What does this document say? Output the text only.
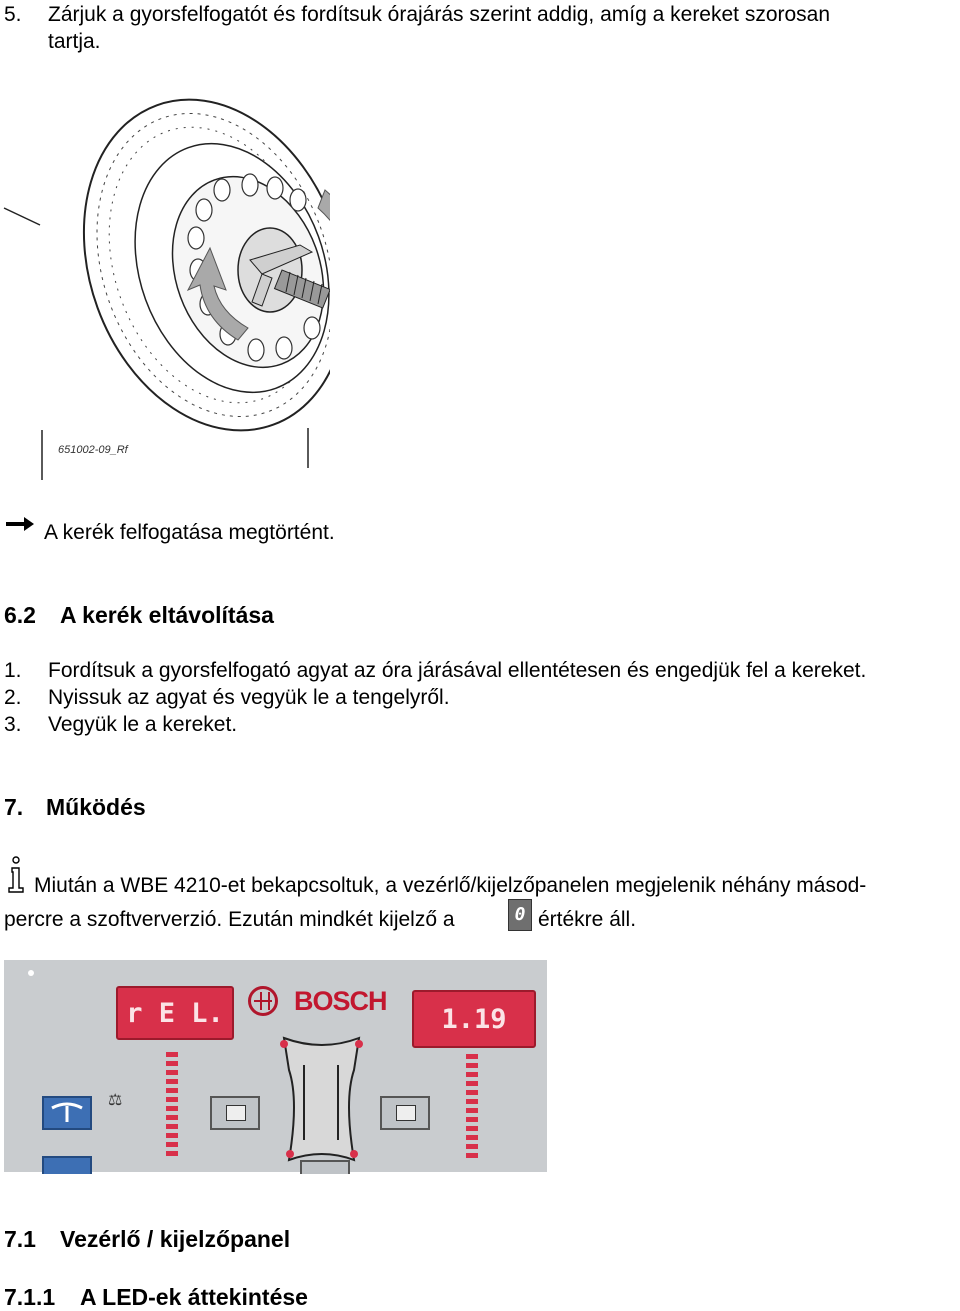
5. Zárjuk a gyorsfelfogatót és fordítsuk órajárás szerint addig, amíg a kereket szorosan
tartja.
651002-09_Rf
A kerék felfogatása megtörtént.
6.2 A kerék eltávolítása
1. Fordítsuk a gyorsfelfogató agyat az óra járásával ellentétesen és engedjük fel a kereket.
2. Nyissuk az agyat és vegyük le a tengelyről.
3. Vegyük le a kereket.
7. Működés
Miután a WBE 4210-et bekapcsoltuk, a vezérlő/kijelzőpanelen megjelenik néhány másod-
percre a szoftververzió. Ezután mindkét kijelző a	0 értékre áll.
r E L.	1.19
BOSCH
⚖
7.1 Vezérlő / kijelzőpanel
7.1.1 A LED-ek áttekintése
